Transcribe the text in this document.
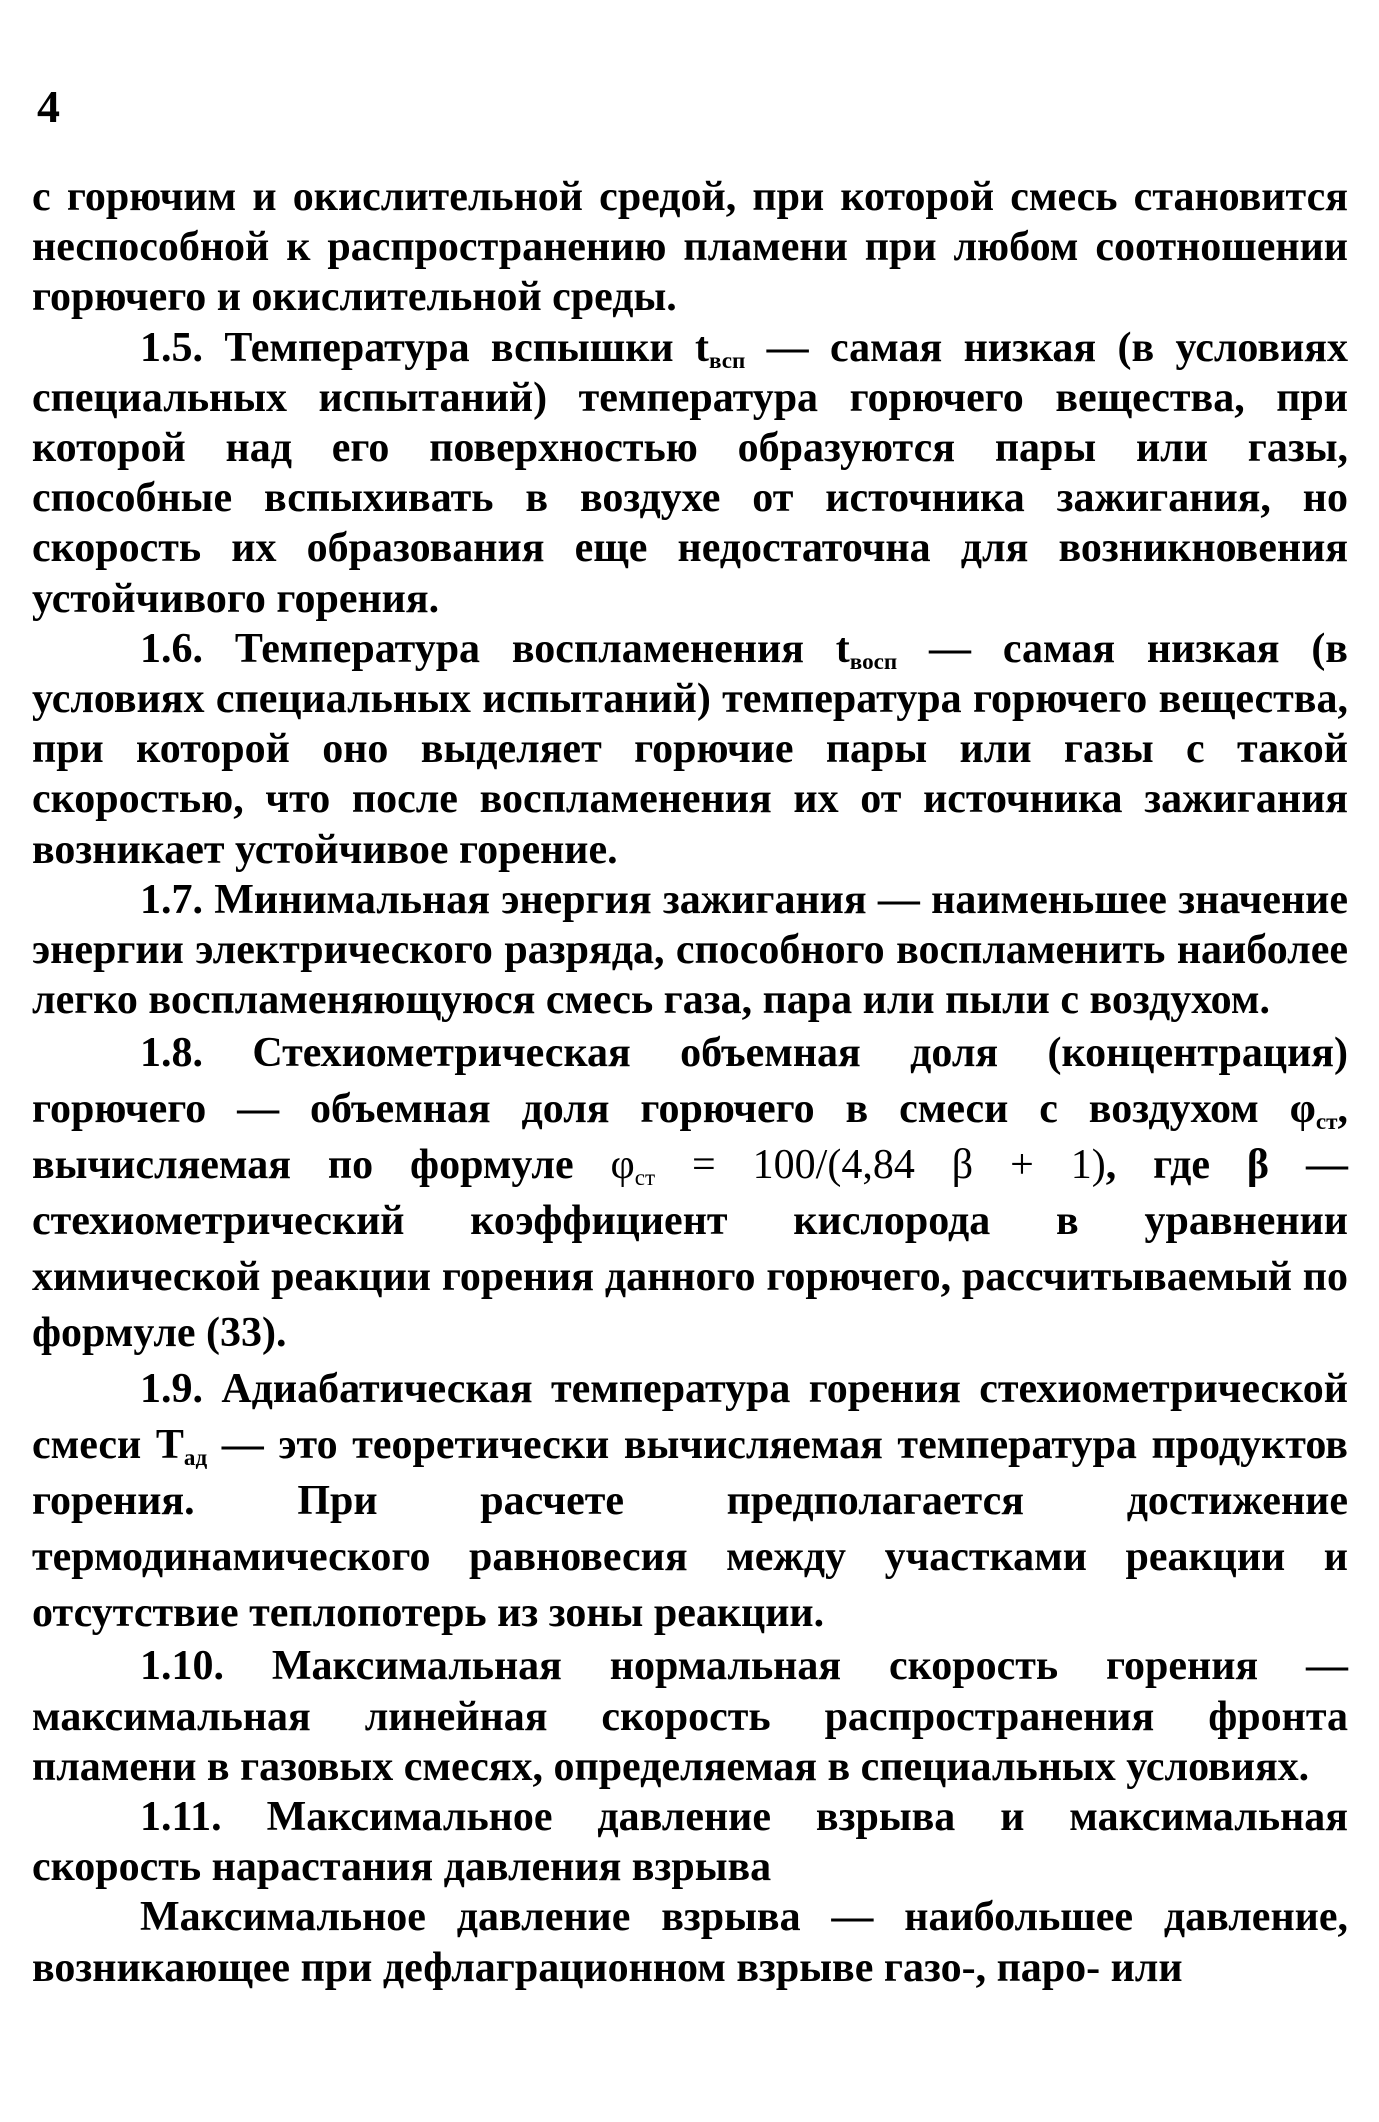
4

с горючим и окислительной средой, при которой смесь становится неспособной к распространению пламени при любом соотношении горючего и окислительной среды.

1.5. Температура вспышки $t_{всп}$ — самая низкая (в условиях специальных испытаний) температура горючего вещества, при которой над его поверхностью образуются пары или газы, способные вспыхивать в воздухе от источника зажигания, но скорость их образования еще недостаточна для возникновения устойчивого горения.

1.6. Температура воспламенения $t_{восп}$ — самая низкая (в условиях специальных испытаний) температура горючего вещества, при которой оно выделяет горючие пары или газы с такой скоростью, что после воспламенения их от источника зажигания возникает устойчивое горение.

1.7. Минимальная энергия зажигания — наименьшее значение энергии электрического разряда, способного воспламенить наиболее легко воспламеняющуюся смесь газа, пара или пыли с воздухом.

1.8. Стехиометрическая объемная доля (концентрация) горючего — объемная доля горючего в смеси с воздухом $\varphi_{ст}$, вычисляемая по формуле $\varphi_{ст} = 100/(4,84$ β + 1), где β — стехиометрический коэффициент кислорода в уравнении химической реакции горения данного горючего, рассчитываемый по формуле (33).

1.9. Адиабатическая температура горения стехиометрической смеси $T_{ад}$ — это теоретически вычисляемая температура продуктов горения. При расчете предполагается достижение термодинамического равновесия между участками реакции и отсутствие теплопотерь из зоны реакции.

1.10. Максимальная нормальная скорость горения — максимальная линейная скорость распространения фронта пламени в газовых смесях, определяемая в специальных условиях.

1.11. Максимальное давление взрыва и максимальная скорость нарастания давления взрыва

Максимальное давление взрыва — наибольшее давление, возникающее при дефлаграционном взрыве газо-, паро- или
